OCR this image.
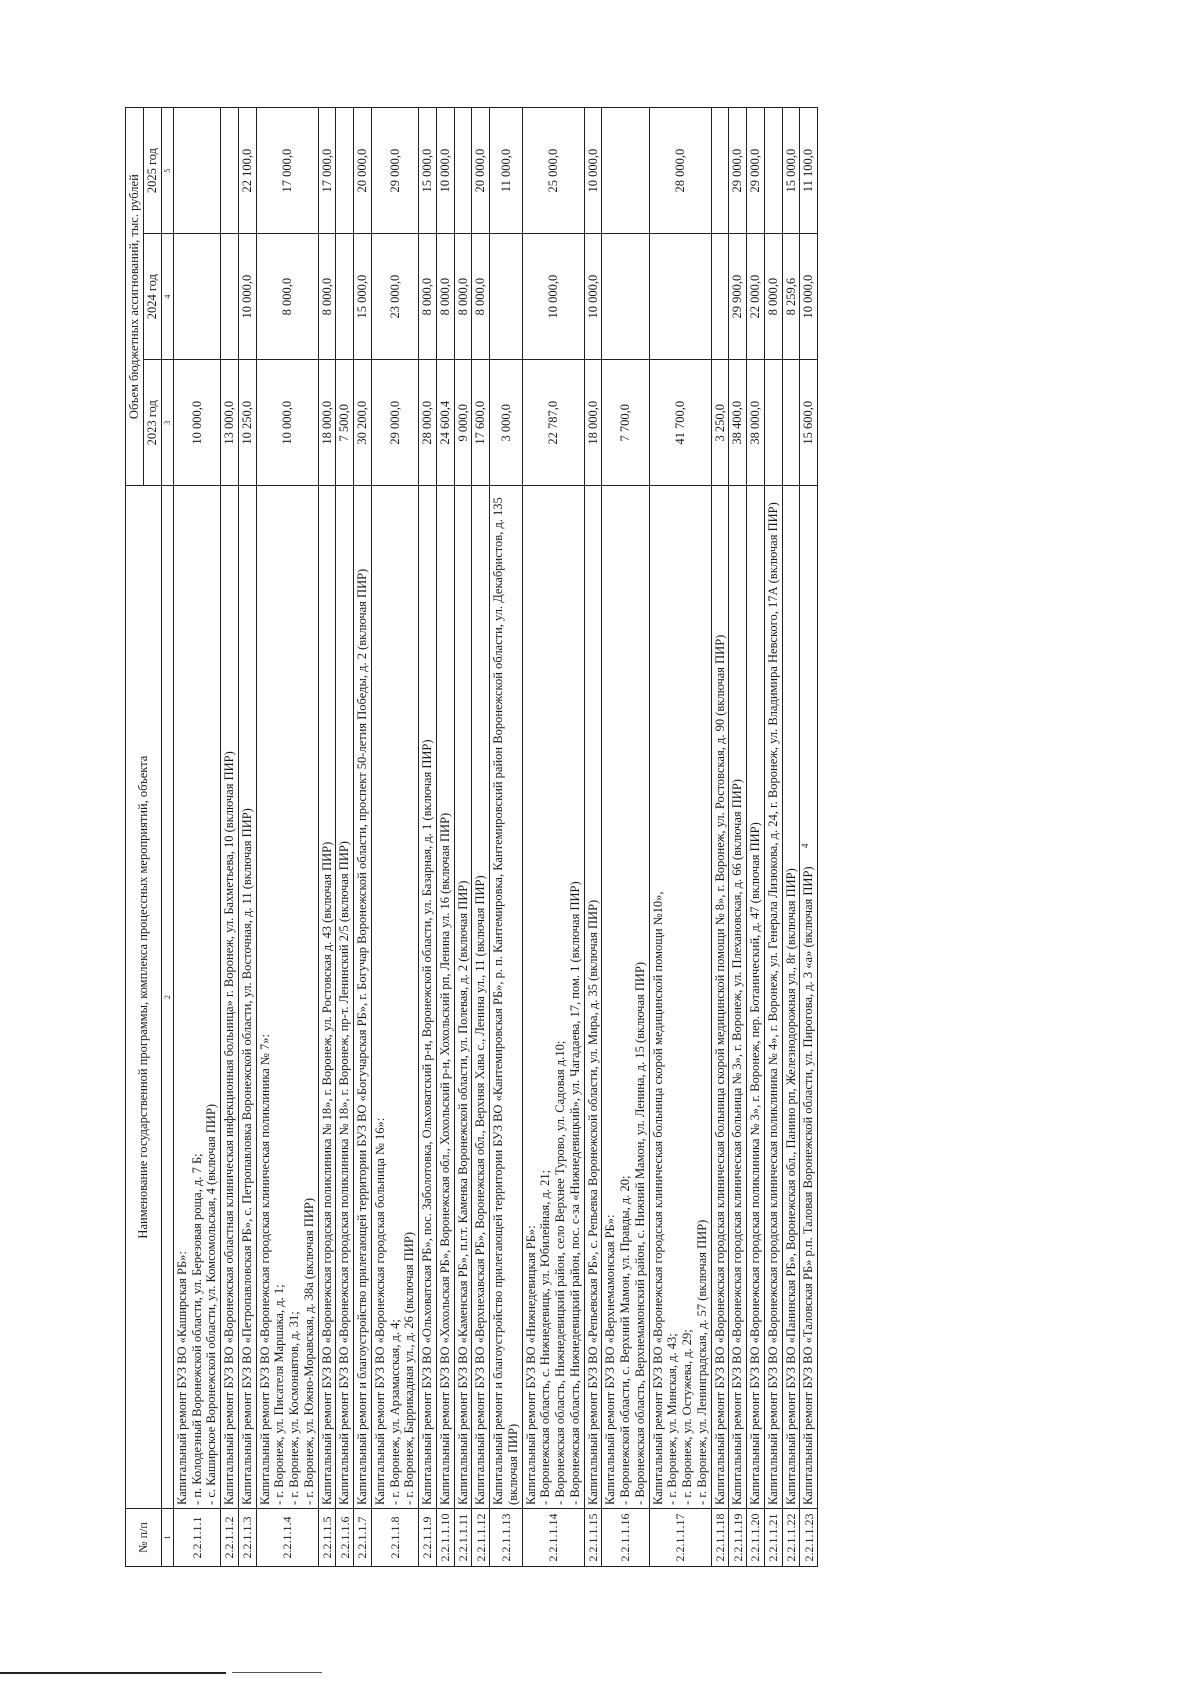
4
№ п/п	Наименование государственной программы, комплекса процессных мероприятий, объекта	Объем бюджетных ассигнований, тыс. рублей		
		2023 год	2024 год	2025 год
1	2	3	4	5
2.2.1.1.1	Капитальный ремонт БУЗ ВО «Каширская РБ»: - п. Колодезный Воронежской области, ул. Березовая роща, д. 7 Б; - с. Каширское Воронежской области, ул. Комсомольская, 4 (включая ПИР)	10 000,0		
2.2.1.1.2	Капитальный ремонт БУЗ ВО «Воронежская областная клиническая инфекционная больница» г. Воронеж, ул. Бахметьева, 10 (включая ПИР)	13 000,0		
2.2.1.1.3	Капитальный ремонт БУЗ ВО «Петропавловская РБ», с. Петропавловка Воронежской области, ул. Восточная, д. 11 (включая ПИР)	10 250,0	10 000,0	22 100,0
2.2.1.1.4	Капитальный ремонт БУЗ ВО «Воронежская городская клиническая поликлиника № 7»: - г. Воронеж, ул. Писателя Маршака, д. 1; - г. Воронеж, ул. Космонавтов, д. 31; - г. Воронеж, ул. Южно-Моравская, д. 38а (включая ПИР)	10 000,0	8 000,0	17 000,0
2.2.1.1.5	Капитальный ремонт БУЗ ВО «Воронежская городская поликлиника № 18», г. Воронеж, ул. Ростовская д. 43 (включая ПИР)	18 000,0	8 000,0	17 000,0
2.2.1.1.6	Капитальный ремонт БУЗ ВО «Воронежская городская поликлиника № 18», г. Воронеж, пр-т. Ленинский 2/5 (включая ПИР)	7 500,0		
2.2.1.1.7	Капитальный ремонт и благоустройство прилегающей территории БУЗ ВО «Богучарская РБ», г. Богучар Воронежской области, проспект 50-летия Победы, д. 2 (включая ПИР)	30 200,0	15 000,0	20 000,0
2.2.1.1.8	Капитальный ремонт БУЗ ВО «Воронежская городская больница № 16»: - г. Воронеж, ул. Арзамасская, д. 4; - г. Воронеж, Баррикадная ул., д. 26 (включая ПИР)	29 000,0	23 000,0	29 000,0
2.2.1.1.9	Капитальный ремонт БУЗ ВО «Ольховатская РБ», пос. Заболотовка, Ольховатский р-н, Воронежской области, ул. Базарная, д. 1 (включая ПИР)	28 000,0	8 000,0	15 000,0
2.2.1.1.10	Капитальный ремонт БУЗ ВО «Хохольская РБ», Воронежская обл., Хохольский р-н, Хохольский рп, Ленина ул. 16 (включая ПИР)	24 600,4	8 000,0	10 000,0
2.2.1.1.11	Капитальный ремонт БУЗ ВО «Каменская РБ», п.г.т. Каменка Воронежской области, ул. Полевая, д. 2 (включая ПИР)	9 000,0	8 000,0	
2.2.1.1.12	Капитальный ремонт БУЗ ВО «Верхнехавская РБ», Воронежская обл., Верхняя Хава с., Ленина ул., 11 (включая ПИР)	17 600,0	8 000,0	20 000,0
2.2.1.1.13	Капитальный ремонт и благоустройство прилегающей территории БУЗ ВО «Кантемировская РБ», р. п. Кантемировка, Кантемировский район Воронежской области, ул. Декабристов, д. 135 (включая ПИР)	3 000,0		11 000,0
2.2.1.1.14	Капитальный ремонт БУЗ ВО «Нижнедевицкая РБ»: - Воронежская область, с. Нижнедевицк, ул. Юбилейная, д. 21; - Воронежская область, Нижнедевицкий район, село Верхнее Турово, ул. Садовая д.10; - Воронежская область, Нижнедевицкий район, пос. с-за «Нижнедевицкий», ул. Чагадаева, 17, пом. 1 (включая ПИР)	22 787,0	10 000,0	25 000,0
2.2.1.1.15	Капитальный ремонт БУЗ ВО «Репьевская РБ», с. Репьевка Воронежской области, ул. Мира, д. 35 (включая ПИР)	18 000,0	10 000,0	10 000,0
2.2.1.1.16	Капитальный ремонт БУЗ ВО «Верхнемамонская РБ»: - Воронежской области, с. Верхний Мамон, ул. Правды, д. 20; - Воронежская область, Верхнемамонский район, с. Нижний Мамон, ул. Ленина, д. 15 (включая ПИР)	7 700,0		
2.2.1.1.17	Капитальный ремонт БУЗ ВО «Воронежская городская клиническая больница скорой медицинской помощи №10», - г. Воронеж, ул. Минская, д. 43; - г. Воронеж, ул. Остужева, д. 29; - г. Воронеж, ул. Ленинградская, д. 57 (включая ПИР)	41 700,0		28 000,0
2.2.1.1.18	Капитальный ремонт БУЗ ВО «Воронежская городская клиническая больница скорой медицинской помощи № 8», г. Воронеж, ул. Ростовская, д. 90 (включая ПИР)	3 250,0		
2.2.1.1.19	Капитальный ремонт БУЗ ВО «Воронежская городская клиническая больница № 3», г. Воронеж, ул. Плехановская, д. 66 (включая ПИР)	38 400,0	29 900,0	29 000,0
2.2.1.1.20	Капитальный ремонт БУЗ ВО «Воронежская городская поликлиника № 3», г. Воронеж, пер. Ботанический, д. 47 (включая ПИР)	38 000,0	22 000,0	29 000,0
2.2.1.1.21	Капитальный ремонт БУЗ ВО «Воронежская городская клиническая поликлиника № 4», г. Воронеж, ул. Генерала Лизюкова, д. 24, г. Воронеж, ул. Владимира Невского, 17А (включая ПИР)		8 000,0	
2.2.1.1.22	Капитальный ремонт БУЗ ВО «Панинская РБ», Воронежская обл., Панино рп, Железнодорожная ул., 8г (включая ПИР)		8 259,6	15 000,0
2.2.1.1.23	Капитальный ремонт БУЗ ВО «Таловская РБ» р.п. Таловая Воронежской области, ул. Пирогова, д. 3 «а» (включая ПИР)	15 600,0	10 000,0	11 100,0
